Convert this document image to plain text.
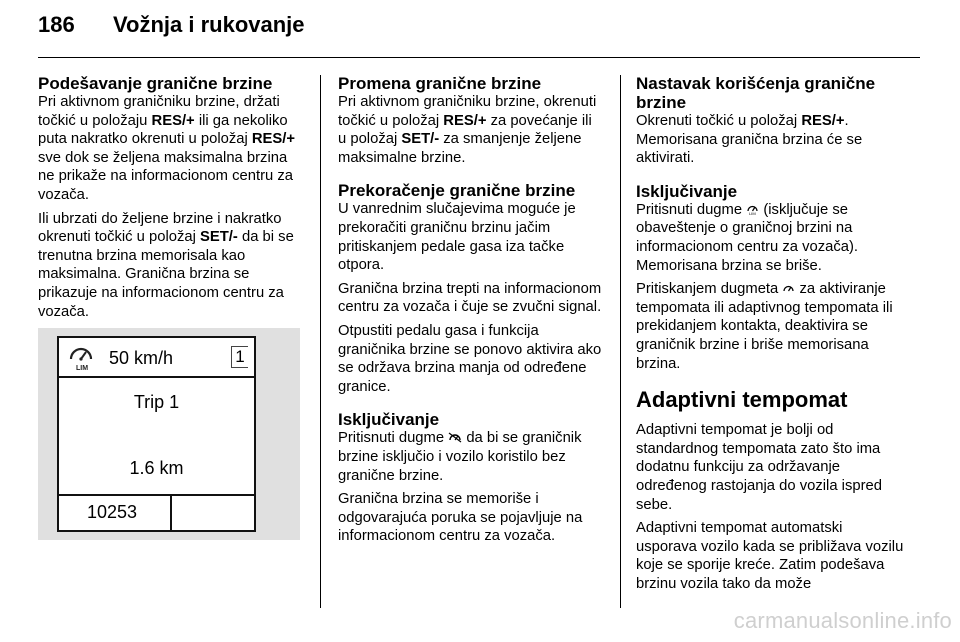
186 Vožnja i rukovanje
Podešavanje granične brzine

Pri aktivnom graničniku brzine, držati točkić u položaju RES/+ ili ga nekoliko puta nakratko okrenuti u položaj RES/+ sve dok se željena maksimalna brzina ne prikaže na informacionom centru za vozača.

Ili ubrzati do željene brzine i nakratko okrenuti točkić u položaj SET/- da bi se trenutna brzina memorisala kao maksimalna. Granična brzina se prikazuje na informacionom centru za vozača.

LIM
50 km/h	1
Trip 1
1.6 km
10253
Promena granične brzine

Pri aktivnom graničniku brzine, okrenuti točkić u položaj RES/+ za povećanje ili u položaj SET/- za smanjenje željene maksimalne brzine.

Prekoračenje granične brzine

U vanrednim slučajevima moguće je prekoračiti graničnu brzinu jačim pritiskanjem pedale gasa iza tačke otpora.

Granična brzina trepti na informacionom centru za vozača i čuje se zvučni signal.

Otpustiti pedalu gasa i funkcija graničnika brzine se ponovo aktivira ako se održava brzina manja od određene granice.

Isključivanje

Pritisnuti dugme  da bi se graničnik brzine isključio i vozilo koristilo bez granične brzine.

Granična brzina se memoriše i odgovarajuća poruka se pojavljuje na informacionom centru za vozača.

Nastavak korišćenja granične brzine

Okrenuti točkić u položaj RES/+. Memorisana granična brzina će se aktivirati.

Isključivanje

Pritisnuti dugme LIM (isključuje se obaveštenje o graničnoj brzini na informacionom centru za vozača). Memorisana brzina se briše.

Pritiskanjem dugmeta  za aktiviranje tempomata ili adaptivnog tempomata ili prekidanjem kontakta, deaktivira se graničnik brzine i briše memorisana brzina.

Adaptivni tempomat

Adaptivni tempomat je bolji od standardnog tempomata zato što ima dodatnu funkciju za održavanje određenog rastojanja do vozila ispred sebe.

Adaptivni tempomat automatski usporava vozilo kada se približava vozilu koje se sporije kreće. Zatim podešava brzinu vozila tako da može

carmanualsonline.info
